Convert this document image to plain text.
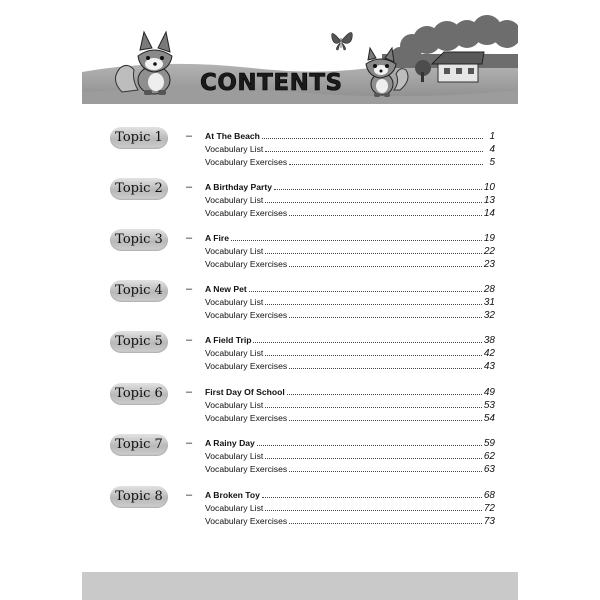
CONTENTS
Topic 1	– At The Beach	1
Vocabulary List	4
Vocabulary Exercises	5
Topic 2	– A Birthday Party	10
Vocabulary List	13
Vocabulary Exercises	14
Topic 3	– A Fire	19
Vocabulary List	22
Vocabulary Exercises	23
Topic 4	– A New Pet	28
Vocabulary List	31
Vocabulary Exercises	32
Topic 5	– A Field Trip	38
Vocabulary List	42
Vocabulary Exercises	43
Topic 6	– First Day Of School	49
Vocabulary List	53
Vocabulary Exercises	54
Topic 7	– A Rainy Day	59
Vocabulary List	62
Vocabulary Exercises	63
Topic 8	– A Broken Toy	68
Vocabulary List	72
Vocabulary Exercises	73
